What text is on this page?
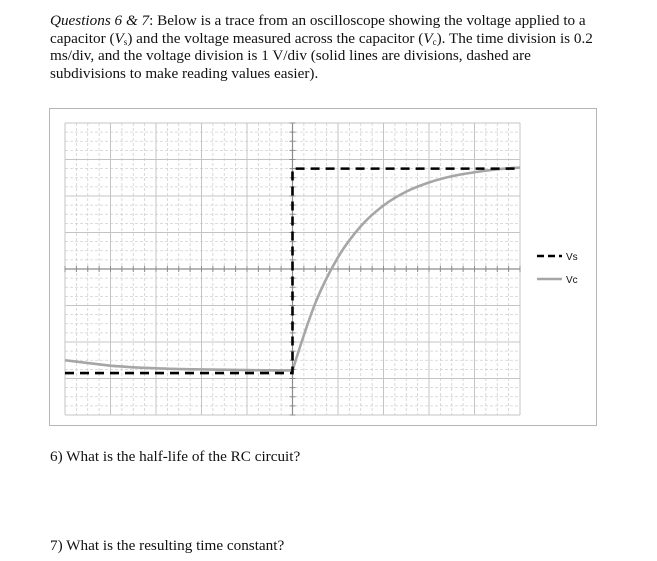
Questions 6 & 7: Below is a trace from an oscilloscope showing the voltage applied to a capacitor $(V_s)$ and the voltage measured across the capacitor $(V_c)$. The time division is 0.2 ms/div, and the voltage division is 1 V/div (solid lines are divisions, dashed are subdivisions to make reading values easier).
Vs
Vc
6) What is the half-life of the RC circuit?
7) What is the resulting time constant?
